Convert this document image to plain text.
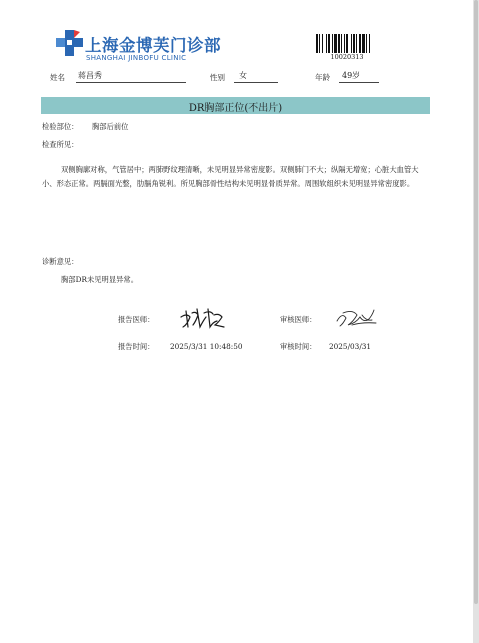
上海金博芙门诊部
SHANGHAI JINBOFU CLINIC	10020313
姓名 蒋昌秀	性别 女	年龄 49岁
DR胸部正位(不出片)
检验部位： 胸部后前位
检查所见：
双侧胸廓对称，气管居中；两肺野纹理清晰，未见明显异常密度影。双侧肺门不大；纵隔无增宽；心脏大血管大小、形态正常。两膈面光整，肋膈角锐利。所见胸部骨性结构未见明显骨质异常。周围软组织未见明显异常密度影。
诊断意见：
胸部DR未见明显异常。
报告医师：	审核医师：
报告时间： 2025/3/31 10:48:50	审核时间： 2025/03/31
